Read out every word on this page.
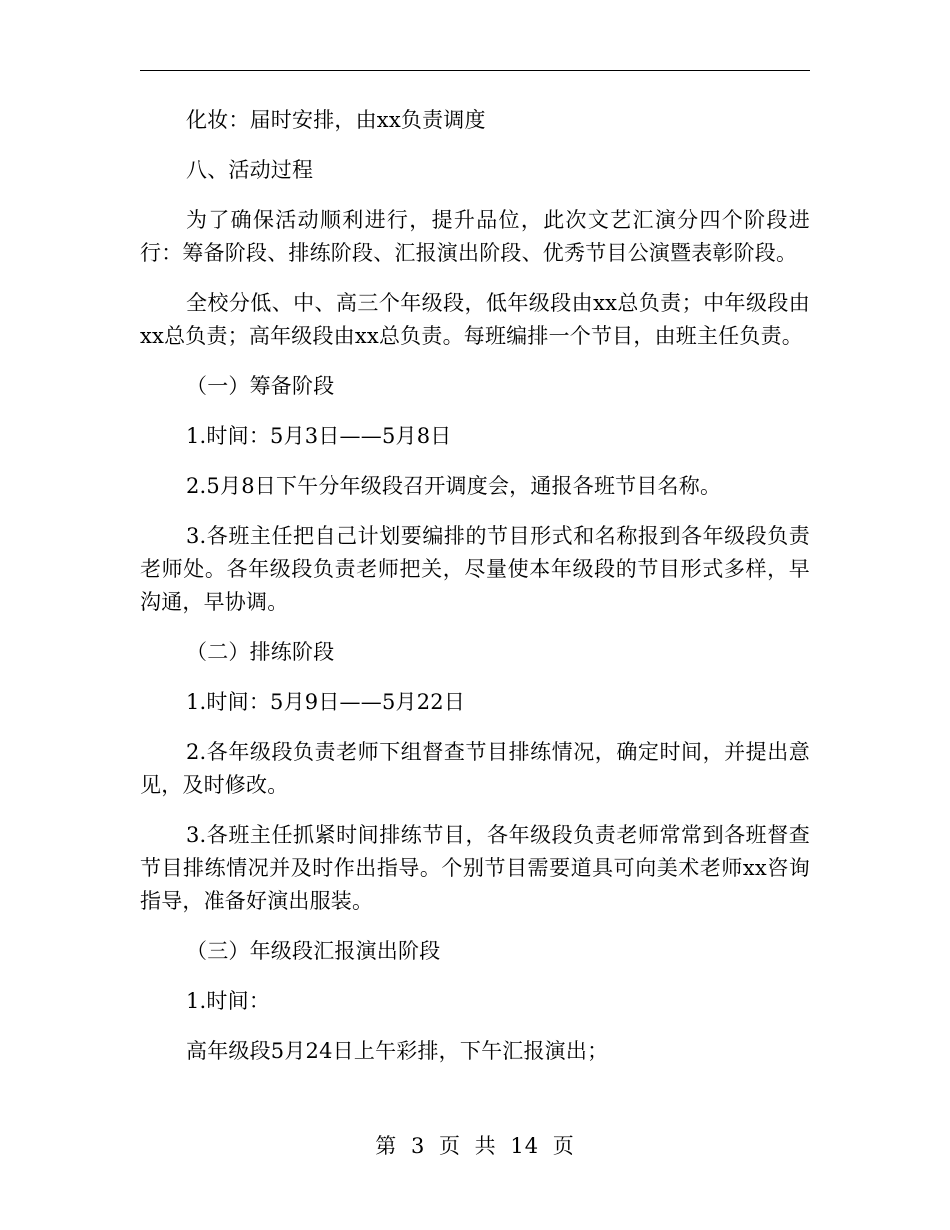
化妆：届时安排，由xx负责调度

八、活动过程

为了确保活动顺利进行，提升品位，此次文艺汇演分四个阶段进行：筹备阶段、排练阶段、汇报演出阶段、优秀节目公演暨表彰阶段。

全校分低、中、高三个年级段，低年级段由xx总负责；中年级段由xx总负责；高年级段由xx总负责。每班编排一个节目，由班主任负责。

（一）筹备阶段

1.时间：5月3日——5月8日

2.5月8日下午分年级段召开调度会，通报各班节目名称。

3.各班主任把自己计划要编排的节目形式和名称报到各年级段负责老师处。各年级段负责老师把关，尽量使本年级段的节目形式多样，早沟通，早协调。

（二）排练阶段

1.时间：5月9日——5月22日

2.各年级段负责老师下组督查节目排练情况，确定时间，并提出意见，及时修改。

3.各班主任抓紧时间排练节目，各年级段负责老师常常到各班督查节目排练情况并及时作出指导。个别节目需要道具可向美术老师xx咨询指导，准备好演出服装。

（三）年级段汇报演出阶段

1.时间：

高年级段5月24日上午彩排，下午汇报演出；

第 3 页 共 14 页
